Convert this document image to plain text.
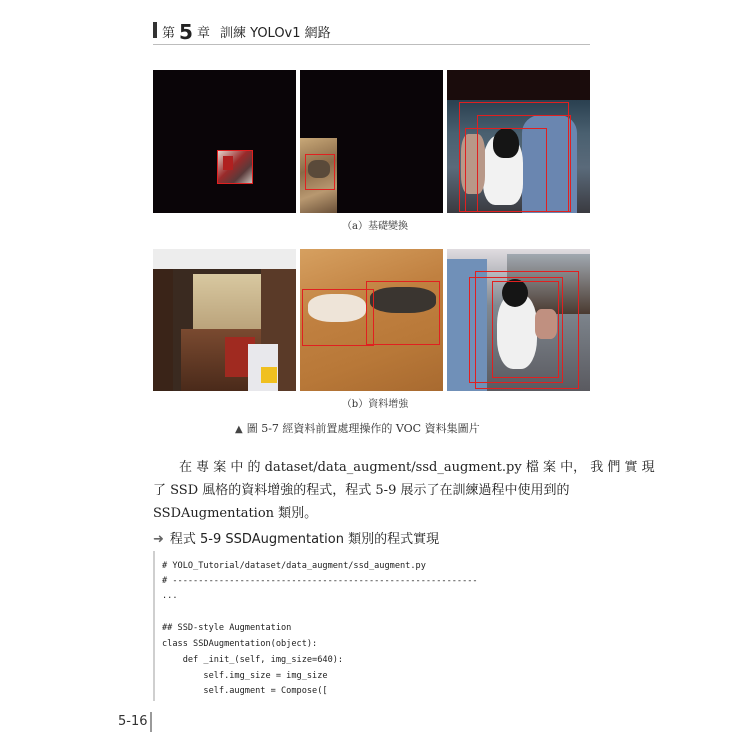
第 5 章 訓練 YOLOv1 網路
（a）基礎變換
（b）資料增強
▲ 圖 5-7 經資料前置處理操作的 VOC 資料集圖片
在 專 案 中 的 dataset/data_augment/ssd_augment.py 檔 案 中， 我 們 實 現
了 SSD 風格的資料增強的程式，程式 5-9 展示了在訓練過程中使用到的
SSDAugmentation 類別。
➜ 程式 5-9 SSDAugmentation 類別的程式實現
# YOLO_Tutorial/dataset/data_augment/ssd_augment.py
# -----------------------------------------------------------
...
## SSD-style Augmentation
class SSDAugmentation(object):
def _init_(self, img_size=640):
self.img_size = img_size
self.augment = Compose([
5-16
